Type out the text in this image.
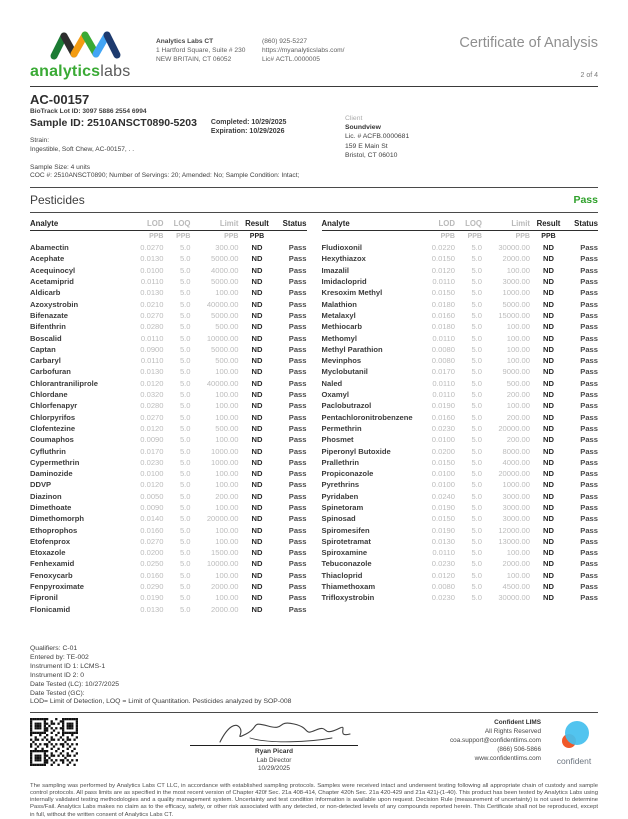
analyticslabs
Analytics Labs CT
1 Hartford Square, Suite # 230
NEW BRITAIN, CT 06052
(860) 925-5227
https://myanalyticslabs.com/
Lic# ACTL.0000005
Certificate of Analysis
2 of 4
AC-00157
BioTrack Lot ID: 3097 5886 2554 6994
Sample ID: 2510ANSCT0890-5203 Completed: 10/29/2025
Expiration: 10/29/2026
Strain:
Ingestible, Soft Chew, AC-00157, . .
Sample Size: 4 units
COC #: 2510ANSCT0890; Number of Servings: 20; Amended: No; Sample Condition: Intact;
Client
Soundview
Lic. # ACFB.0000681
159 E Main St
Bristol, CT 06010
Pesticides	Pass
Analyte	LOD	LOQ	Limit Result	Status
PPB	PPB	PPB	PPB
Abamectin	0.0270	5.0	300.00	ND	Pass
Acephate	0.0130	5.0	5000.00	ND	Pass
Acequinocyl	0.0100	5.0	4000.00	ND	Pass
Acetamiprid	0.0110	5.0	5000.00	ND	Pass
Aldicarb	0.0130	5.0	100.00	ND	Pass
Azoxystrobin	0.0210	5.0	40000.00	ND	Pass
Bifenazate	0.0270	5.0	5000.00	ND	Pass
Bifenthrin	0.0280	5.0	500.00	ND	Pass
Boscalid	0.0110	5.0	10000.00	ND	Pass
Captan	0.0900	5.0	5000.00	ND	Pass
Carbaryl	0.0110	5.0	500.00	ND	Pass
Carbofuran	0.0130	5.0	100.00	ND	Pass
Chlorantraniliprole	0.0120	5.0	40000.00	ND	Pass
Chlordane	0.0320	5.0	100.00	ND	Pass
Chlorfenapyr	0.0280	5.0	100.00	ND	Pass
Chlorpyrifos	0.0270	5.0	100.00	ND	Pass
Clofentezine	0.0120	5.0	500.00	ND	Pass
Coumaphos	0.0090	5.0	100.00	ND	Pass
Cyfluthrin	0.0170	5.0	1000.00	ND	Pass
Cypermethrin	0.0230	5.0	1000.00	ND	Pass
Daminozide	0.0100	5.0	100.00	ND	Pass
DDVP	0.0120	5.0	100.00	ND	Pass
Diazinon	0.0050	5.0	200.00	ND	Pass
Dimethoate	0.0090	5.0	100.00	ND	Pass
Dimethomorph	0.0140	5.0	20000.00	ND	Pass
Ethoprophos	0.0160	5.0	100.00	ND	Pass
Etofenprox	0.0270	5.0	100.00	ND	Pass
Etoxazole	0.0200	5.0	1500.00	ND	Pass
Fenhexamid	0.0250	5.0	10000.00	ND	Pass
Fenoxycarb	0.0160	5.0	100.00	ND	Pass
Fenpyroximate	0.0290	5.0	2000.00	ND	Pass
Fipronil	0.0190	5.0	100.00	ND	Pass
Flonicamid	0.0130	5.0	2000.00	ND	Pass
Analyte	LOD	LOQ	Limit Result	Status
PPB	PPB	PPB	PPB
Fludioxonil	0.0220	5.0	30000.00	ND	Pass
Hexythiazox	0.0150	5.0	2000.00	ND	Pass
Imazalil	0.0120	5.0	100.00	ND	Pass
Imidacloprid	0.0110	5.0	3000.00	ND	Pass
Kresoxim Methyl	0.0150	5.0	1000.00	ND	Pass
Malathion	0.0180	5.0	5000.00	ND	Pass
Metalaxyl	0.0160	5.0	15000.00	ND	Pass
Methiocarb	0.0180	5.0	100.00	ND	Pass
Methomyl	0.0110	5.0	100.00	ND	Pass
Methyl Parathion	0.0080	5.0	100.00	ND	Pass
Mevinphos	0.0080	5.0	100.00	ND	Pass
Myclobutanil	0.0170	5.0	9000.00	ND	Pass
Naled	0.0110	5.0	500.00	ND	Pass
Oxamyl	0.0110	5.0	200.00	ND	Pass
Paclobutrazol	0.0190	5.0	100.00	ND	Pass
Pentachloronitrobenzene	0.0160	5.0	200.00	ND	Pass
Permethrin	0.0230	5.0	20000.00	ND	Pass
Phosmet	0.0100	5.0	200.00	ND	Pass
Piperonyl Butoxide	0.0200	5.0	8000.00	ND	Pass
Prallethrin	0.0150	5.0	4000.00	ND	Pass
Propiconazole	0.0100	5.0	20000.00	ND	Pass
Pyrethrins	0.0100	5.0	1000.00	ND	Pass
Pyridaben	0.0240	5.0	3000.00	ND	Pass
Spinetoram	0.0190	5.0	3000.00	ND	Pass
Spinosad	0.0150	5.0	3000.00	ND	Pass
Spiromesifen	0.0190	5.0	12000.00	ND	Pass
Spirotetramat	0.0130	5.0	13000.00	ND	Pass
Spiroxamine	0.0110	5.0	100.00	ND	Pass
Tebuconazole	0.0230	5.0	2000.00	ND	Pass
Thiacloprid	0.0120	5.0	100.00	ND	Pass
Thiamethoxam	0.0080	5.0	4500.00	ND	Pass
Trifloxystrobin	0.0230	5.0	30000.00	ND	Pass
Qualifiers: C-01
Entered by: TE-002
Instrument ID 1: LCMS-1
Instrument ID 2: 0
Date Tested (LC): 10/27/2025
Date Tested (GC):
LOD= Limit of Detection, LOQ = Limit of Quantitation. Pesticides analyzed by SOP-008
Ryan Picard
Lab Director
10/29/2025
Confident LIMS
All Rights Reserved
coa.support@confidentlims.com
(866) 506-5866
www.confidentlims.com	confident
The sampling was performed by Analytics Labs CT LLC, in accordance with established sampling protocols. Samples were received intact and underwent testing following all appropriate chain of custody and sample control protocols. All pass limits are as specified in the most recent version of Chapter 420f Sec. 21a 408-414, Chapter 420h Sec. 21a 420-429 and 21a 421j-(1-40). This product has been tested by Analytics Labs using internally validated testing methodologies and a quality management system. Uncertainty and test condition information is available upon request. Decision Rule (measurement of uncertainty) is not used to determine Pass/Fail. Analytics Labs makes no claim as to the efficacy, safety, or other risk associated with any detected, or non-detected levels of any compounds reported herein. This Certificate shall not be reproduced, except in full, without the written consent of Analytics Labs CT.
